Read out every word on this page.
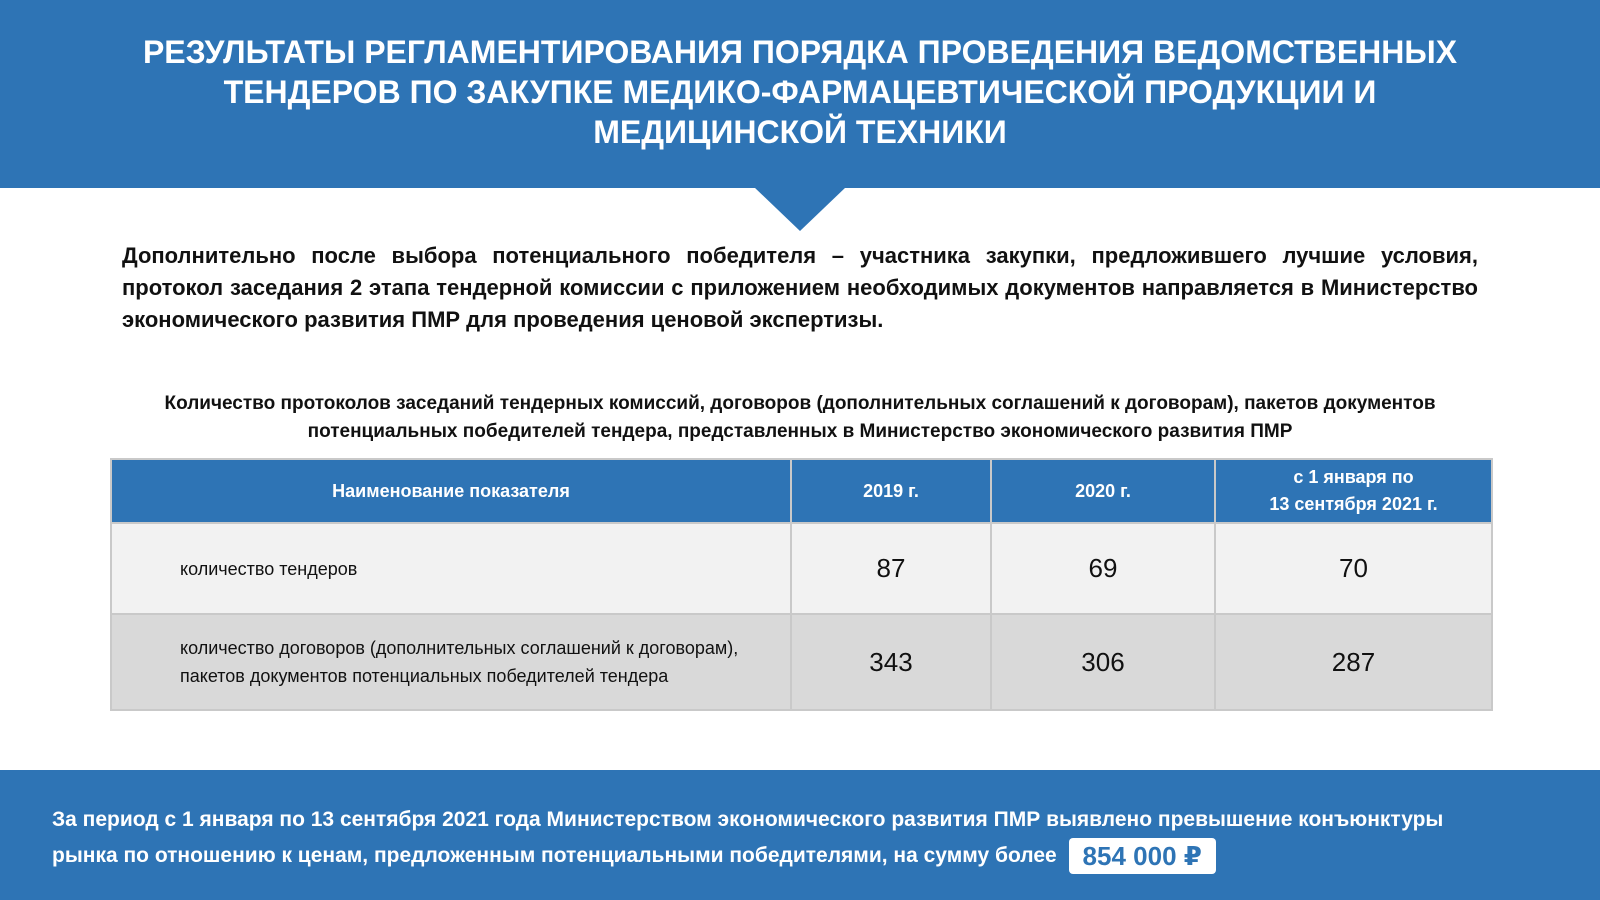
РЕЗУЛЬТАТЫ РЕГЛАМЕНТИРОВАНИЯ ПОРЯДКА ПРОВЕДЕНИЯ ВЕДОМСТВЕННЫХ ТЕНДЕРОВ ПО ЗАКУПКЕ МЕДИКО-ФАРМАЦЕВТИЧЕСКОЙ ПРОДУКЦИИ И МЕДИЦИНСКОЙ ТЕХНИКИ
Дополнительно после выбора потенциального победителя – участника закупки, предложившего лучшие условия, протокол заседания 2 этапа тендерной комиссии с приложением необходимых документов направляется в Министерство экономического развития ПМР для проведения ценовой экспертизы.
Количество протоколов заседаний тендерных комиссий, договоров (дополнительных соглашений к договорам), пакетов документов потенциальных победителей тендера, представленных в Министерство экономического развития ПМР
Наименование показателя	2019 г.	2020 г.	с 1 января по
13 сентября 2021 г.
количество тендеров	87	69	70
количество договоров (дополнительных соглашений к договорам), пакетов документов потенциальных победителей тендера	343	306	287
За период с 1 января по 13 сентября 2021 года Министерством экономического развития ПМР выявлено превышение конъюнктуры рынка по отношению к ценам, предложенным потенциальными победителями, на сумму более 854 000 ₽
